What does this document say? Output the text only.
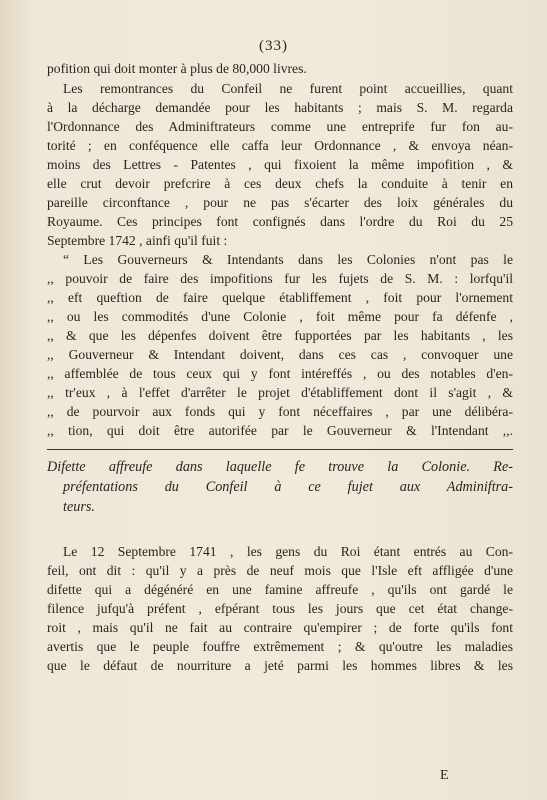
(33)
pofition qui doit monter à plus de 80,000 livres.
Les remontrances du Confeil ne furent point accueillies, quant
à la décharge demandée pour les habitants ; mais S. M. regarda
l'Ordonnance des Adminiftrateurs comme une entreprife fur fon au-
torité ; en conféquence elle caffa leur Ordonnance , & envoya néan-
moins des Lettres - Patentes , qui fixoient la même impofition , &
elle crut devoir prefcrire à ces deux chefs la conduite à tenir en
pareille circonftance , pour ne pas s'écarter des loix générales du
Royaume. Ces principes font confignés dans l'ordre du Roi du 25
Septembre 1742 , ainfi qu'il fuit :
“ Les Gouverneurs & Intendants dans les Colonies n'ont pas le
,, pouvoir de faire des impofitions fur les fujets de S. M. : lorfqu'il
,, eft queftion de faire quelque établiffement , foit pour l'ornement
,, ou les commodités d'une Colonie , foit même pour fa défenfe ,
,, & que les dépenfes doivent être fupportées par les habitants , les
,, Gouverneur & Intendant doivent, dans ces cas , convoquer une
,, affemblée de tous ceux qui y font intéreffés , ou des notables d'en-
,, tr'eux , à l'effet d'arrêter le projet d'établiffement dont il s'agit , &
,, de pourvoir aux fonds qui y font néceffaires , par une délibéra-
,, tion, qui doit être autorifée par le Gouverneur & l'Intendant ,,.
Difette affreufe dans laquelle fe trouve la Colonie. Re-
préfentations du Confeil à ce fujet aux Adminiftra-
teurs.
Le 12 Septembre 1741 , les gens du Roi étant entrés au Con-
feil, ont dit : qu'il y a près de neuf mois que l'Isle eft affligée d'une
difette qui a dégénéré en une famine affreufe , qu'ils ont gardé le
filence jufqu'à préfent , efpérant tous les jours que cet état change-
roit , mais qu'il ne fait au contraire qu'empirer ; de forte qu'ils font
avertis que le peuple fouffre extrêmement ; & qu'outre les maladies
que le défaut de nourriture a jeté parmi les hommes libres & les
E
